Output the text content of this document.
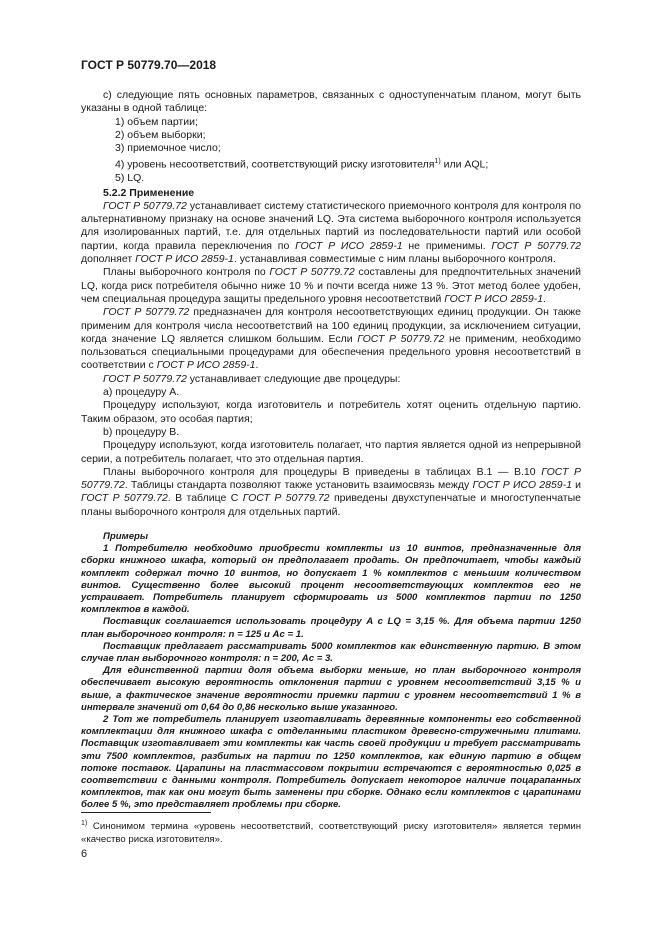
ГОСТ Р 50779.70—2018

c) следующие пять основных параметров, связанных с одноступенчатым планом, могут быть указаны в одной таблице:

1) объем партии;

2) объем выборки;

3) приемочное число;

4) уровень несоответствий, соответствующий риску изготовителя$^{1)}$ или AQL;

5) LQ.

5.2.2 Применение

ГОСТ Р 50779.72 устанавливает систему статистического приемочного контроля для контроля по альтернативному признаку на основе значений LQ. Эта система выборочного контроля используется для изолированных партий, т.е. для отдельных партий из последовательности партий или особой партии, когда правила переключения по ГОСТ Р ИСО 2859-1 не применимы. ГОСТ Р 50779.72 дополняет ГОСТ Р ИСО 2859-1. устанавливая совместимые с ним планы выборочного контроля.

Планы выборочного контроля по ГОСТ Р 50779.72 составлены для предпочтительных значений LQ, когда риск потребителя обычно ниже 10 % и почти всегда ниже 13 %. Этот метод более удобен, чем специальная процедура защиты предельного уровня несоответствий ГОСТ Р ИСО 2859-1.

ГОСТ Р 50779.72 предназначен для контроля несоответствующих единиц продукции. Он также применим для контроля числа несоответствий на 100 единиц продукции, за исключением ситуации, когда значение LQ является слишком большим. Если ГОСТ Р 50779.72 не применим, необходимо пользоваться специальными процедурами для обеспечения предельного уровня несоответствий в соответствии с ГОСТ Р ИСО 2859-1.

ГОСТ Р 50779.72 устанавливает следующие две процедуры:

a) процедуру А.

Процедуру используют, когда изготовитель и потребитель хотят оценить отдельную партию. Таким образом, это особая партия;

b) процедуру В.

Процедуру используют, когда изготовитель полагает, что партия является одной из непрерывной серии, а потребитель полагает, что это отдельная партия.

Планы выборочного контроля для процедуры В приведены в таблицах В.1 — В.10 ГОСТ Р 50779.72. Таблицы стандарта позволяют также установить взаимосвязь между ГОСТ Р ИСО 2859-1 и ГОСТ Р 50779.72. В таблице С ГОСТ Р 50779.72 приведены двухступенчатые и многоступенчатые планы выборочного контроля для отдельных партий.

Примеры

1 Потребителю необходимо приобрести комплекты из 10 винтов, предназначенные для сборки книжного шкафа, который он предполагает продать. Он предпочитает, чтобы каждый комплект содержал точно 10 винтов, но допускает 1 % комплектов с меньшим количеством винтов. Существенно более высокий процент несоответствующих комплектов его не устраивает. Потребитель планирует сформировать из 5000 комплектов партии по 1250 комплектов в каждой.

Поставщик соглашается использовать процедуру А с LQ = 3,15 %. Для объема партии 1250 план выборочного контроля: n = 125 и Ac = 1.

Поставщик предлагает рассматривать 5000 комплектов как единственную партию. В этом случае план выборочного контроля: n = 200, Ac = 3.

Для единственной партии доля объема выборки меньше, но план выборочного контроля обеспечивает высокую вероятность отклонения партии с уровнем несоответствий 3,15 % и выше, а фактическое значение вероятности приемки партии с уровнем несоответствий 1 % в интервале значений от 0,64 до 0,86 несколько выше указанного.

2 Тот же потребитель планирует изготавливать деревянные компоненты его собственной комплектации для книжного шкафа с отделанными пластиком древесно-стружечными плитами. Поставщик изготавливает эти комплекты как часть своей продукции и требует рассматривать эти 7500 комплектов, разбитых на партии по 1250 комплектов, как единую партию в общем потоке поставок. Царапины на пластмассовом покрытии встречаются с вероятностью 0,025 в соответствии с данными контроля. Потребитель допускает некоторое наличие поцарапанных комплектов, так как они могут быть заменены при сборке. Однако если комплектов с царапинами более 5 %, это представляет проблемы при сборке.

$^{1)}$ Синонимом термина «уровень несоответствий, соответствующий риску изготовителя» является термин «качество риска изготовителя».
6
